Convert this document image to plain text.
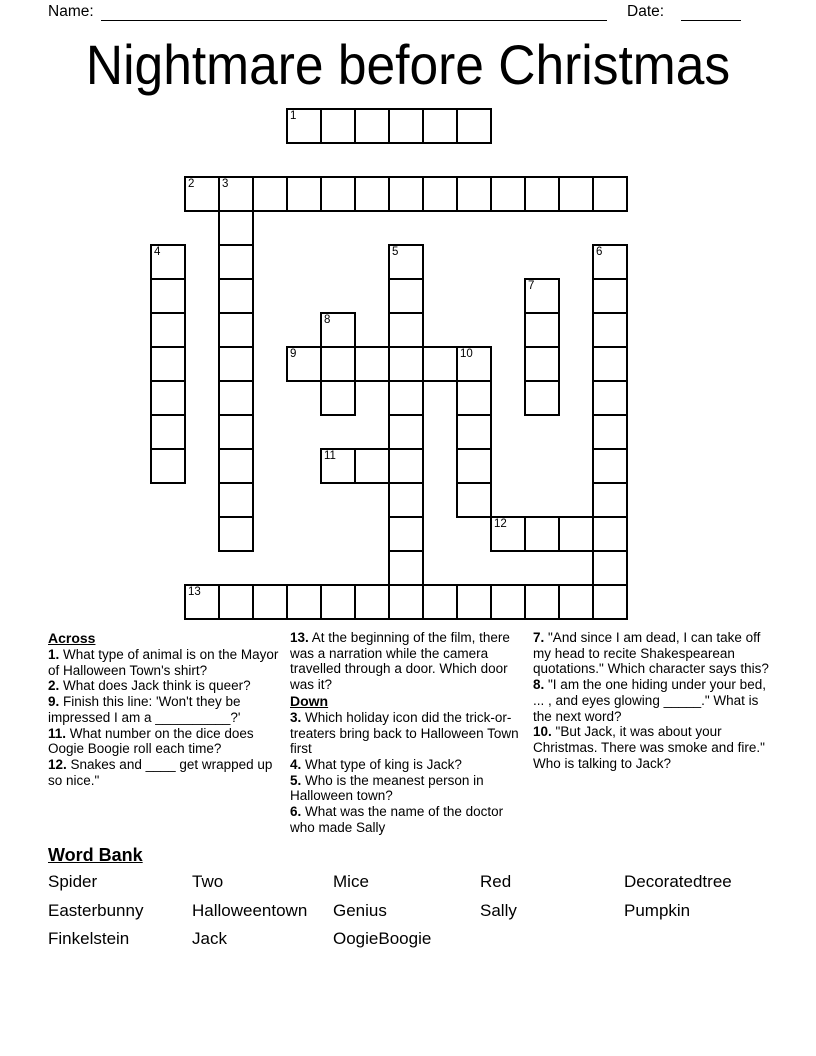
Name:	Date:
Nightmare before Christmas
1
2 3
4	5	6
7
8
9	10
11
12
13
Across
1. What type of animal is on the Mayor of Halloween Town's shirt?
2. What does Jack think is queer?
9. Finish this line: 'Won't they be impressed I am a __________?'
11. What number on the dice does Oogie Boogie roll each time?
12. Snakes and ____ get wrapped up so nice."
13. At the beginning of the film, there was a narration while the camera travelled through a door. Which door was it?
Down
3. Which holiday icon did the trick-or-treaters bring back to Halloween Town first
4. What type of king is Jack?
5. Who is the meanest person in Halloween town?
6. What was the name of the doctor who made Sally
7. "And since I am dead, I can take off my head to recite Shakespearean quotations." Which character says this?
8. "I am the one hiding under your bed, ... , and eyes glowing _____." What is the next word?
10. "But Jack, it was about your Christmas. There was smoke and fire." Who is talking to Jack?
Word Bank
Spider	Two	Mice	Red	Decoratedtree
Easterbunny	Halloweentown	Genius	Sally	Pumpkin
Finkelstein	Jack	OogieBoogie
